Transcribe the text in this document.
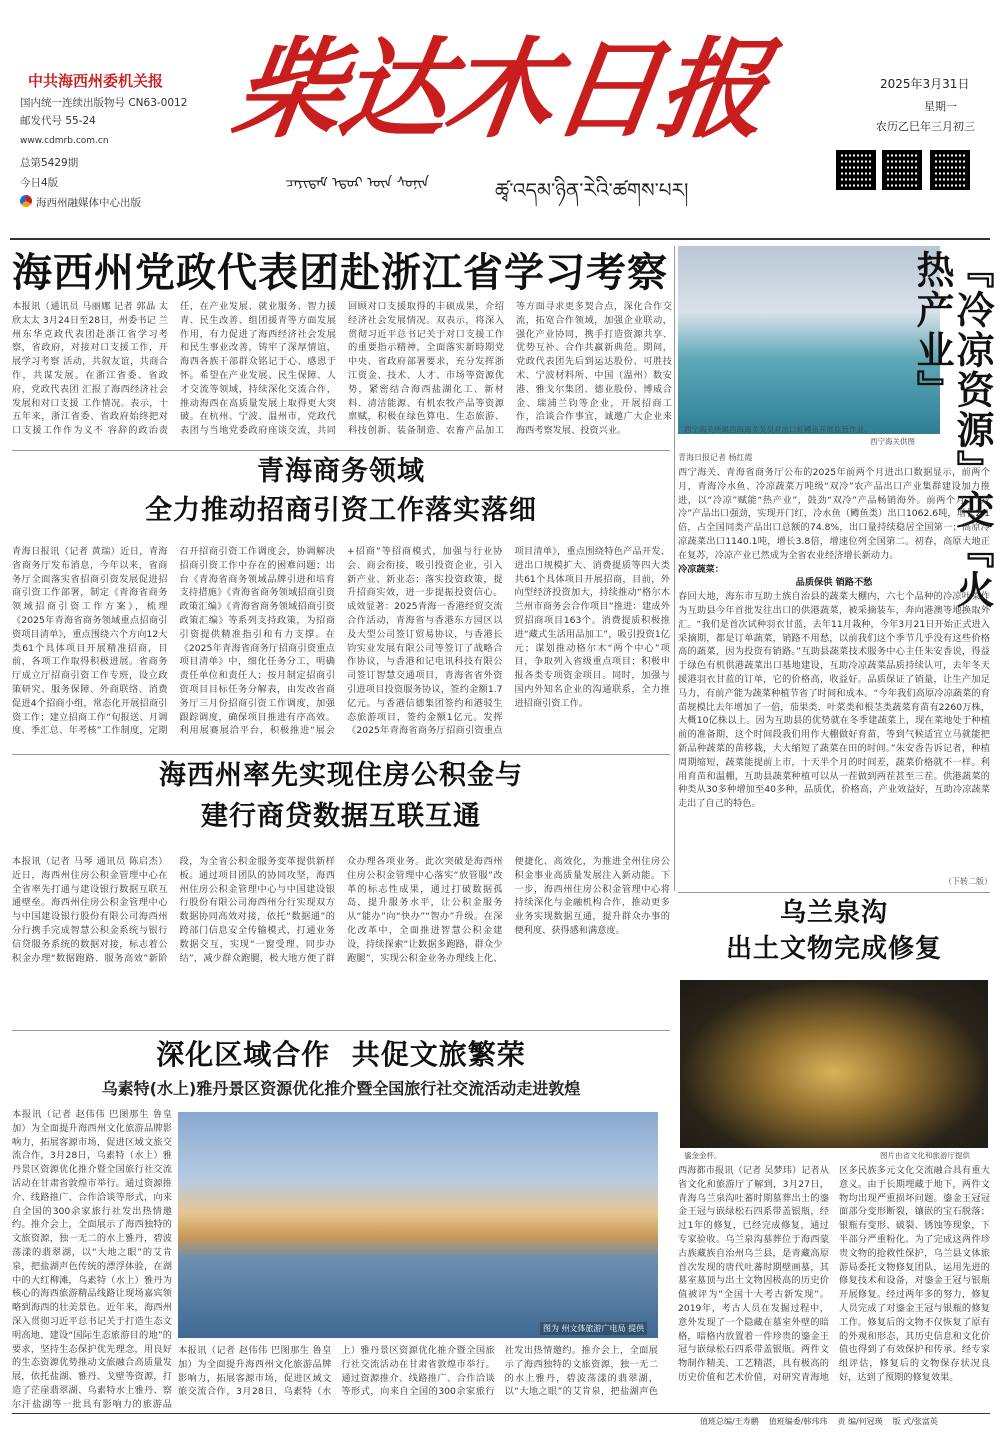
中共海西州委机关报
国内统一连续出版物号 CN63-0012
邮发代号 55-24
www.cdmrb.com.cn
总第5429期
今日4版
海西州融媒体中心出版
柴达木日报
ᠴᠠᠶᠢᠳᠠᠮ ᠡᠳᠦᠷ ᠦᠨ ᠰᠣᠨᠢᠨ	ཚྭ་འདམ་ཉིན་རེའི་ཚགས་པར།
2025年3月31日
星期一
农历乙巳年三月初三
海西州党政代表团赴浙江省学习考察
本报讯（通讯员 马丽娜 记者 郭晶 太 欣太太 3月24日至28日，州委书记 兰州东华克政代表团赴浙江省学习考察，省政府，对接对口支援工作，开展学习考察 活动，共叙友谊，共商合作，共谋发展。在浙江省委、省政府，党政代表团 汇报了海西经济社会发展和对口支援 工作情况。表示，十五年来，浙江省委、省政府始终把对口支援工作作为义不 容辞的政治责任，在产业发展、就业服务、智力援青、民生改善、组团援青等方面发展作用，有力促进了海西经济社会发展和民生事业改善，铸牢了深厚情谊，海西各族干部群众铭记于心、感恩于怀。希望在产业发展、民生保障、人才交流等领域，持续深化交流合作，推动海西在高质量发展上取得更大突破。在杭州、宁波、温州市，党政代表团与当地党委政府座谈交流，共同回顾对口支援取得的丰硕成果，介绍经济社会发展情况。双表示，将深入贯彻习近平总书记关于对口支援工作的重要指示精神，全面落实新時期党中央、省政府部署要求，充分发挥浙江资金、技术、人才、市场等资源优势，紧密结合海西盐湖化工、新材料、清洁能源、有机农牧产品等资源禀赋，积极在绿色算电、生态旅游、科技创新、装备制造、农畜产品加工等方面寻求更多契合点，深化合作交流，拓宽合作领域，加强企业联动，强化产业协同，携手打造资源共享、优势互补、合作共赢新典范。期间，党政代表团先后到运达股份、可胜技术、宁波材料所、中国（温州）数安港、雅戈尔集团、德业股份、博威合金、瑞浦兰钧等企业，开展招商工作，洽谈合作事宜，诚邀广大企业来海西考察发展、投资兴业。	西宁海关所属西海海关关员对出口虹鳟鱼开展监管作业。
西宁海关供图
青海日报记者 杨红霞	『冷凉资源』变『火热产业』
西宁海关、青海省商务厅公布的2025年前两个月进出口数据显示，前两个月，青海冷水鱼、冷凉蔬菜万吨级“双冷”农产品出口产业集群建设加力推进，以“冷凉”赋能“热产业”，鼓劲“双冷”产品畅销海外。前两个月，“双冷”产品出口强劲，实现开门红，冷水鱼（鳟鱼类）出口1062.6吨，增长2.1倍，占全国同类产品出口总额的74.8%，出口量持续稳居全国第一；高原冷凉蔬菜出口1140.1吨，增长3.8倍，增速位列全国第二。初春，高原大地正在复苏，冷凉产业已然成为全省农业经济增长新动力。
冷凉蔬菜：
品质保供 销路不愁
春回大地，海东市互助土族自治县的蔬菜大棚内，六七个品种的冷凉叶菜作为互助县今年首批发往出口的供港蔬菜，被采摘装车，奔向港澳等地换取外汇。“我们是首次试种羽衣甘蓝，去年11月栽种，今年3月21日开始正式进入采摘期，都是订单蔬菜，销路不用愁，以前我们这个季节几乎没有这些价格高的蔬菜，因为投资有销路。”互助县蔬菜技术服务中心主任朱安香说，得益于绿色有机供港蔬菜出口基地建设，互助冷凉蔬菜品质持续认可，去年冬天援港羽衣甘蓝的订单，它的价格高，收益好。品质保证了销量，让生产加足马力，有前产能为蔬菜种植节省了时间和成本。“今年我们高原冷凉蔬菜的育苗规模比去年增加了一倍，茄果类、叶菜类和根茎类蔬菜育苗有2260万株，大概10亿株以上。因为互助县的优势就在冬季建蔬菜上，现在菜地处于种植前的准备期，这个时间段我们用作大棚做好育苗，等到气候适宜立马就能把新品种蔬菜的苗移栽，大大缩短了蔬菜在田的时间。”朱安香告诉记者，种植周期缩短，蔬菜能提前上市，十天半个月的时间差，蔬菜价格就不一样。利用育苗和温棚，互助县蔬菜种植可以从一茬做到两茬甚至三茬。供港蔬菜的种类从30多种增加至40多种，品质优，价格高，产业效益好，互助冷凉蔬菜走出了自己的特色。
（下转二版）
青海商务领域
全力推动招商引资工作落实落细
青海日报讯（记者 黄瑞）近日，青海省商务厅发布消息，今年以来，省商务厅全面落实省招商引资发展促进招商引资工作部署，制定《青海省商务领域招商引资工作方案》，梳理《2025年青海省商务领域重点招商引资项目清单》，重点围绕六个方向12大类61个具体项目开展精准招商，目前，各项工作取得积极进展。省商务厅成立厅招商引资工作专班，设立政策研究、服务保障、外商联络、消费促进4个招商小组，常态化开展招商引资工作；建立招商工作“旬报送、月调度、季汇总、年考核”工作制度，定期召开招商引资工作调度会，协调解决招商引资工作中存在的困难问题；出台《青海省商务领域品牌引进和培育支持措施》《青海省商务领域招商引资政策汇编》《青海省商务领域招商引资政策汇编》等系列支持政策，为招商引资提供精准指引和有力支撑。在《2025年青海省商务厅招商引资重点项目清单》中，细化任务分工，明确责任单位和责任人；按月制定招商引资项目目标任务分解表，由发改省商务厅三月份招商引资工作调度，加强跟踪调度，确保项目推进有序高效。利用展赛展洽平台，积极推进“展会+招商”等招商模式，加强与行业协会、商会衔接，吸引投资企业，引入新产业、新业态；落实投资政策，提升招商实效，进一步提振投资信心。成效显著：2025青海一香港经贸交流合作活动，青海省与香港东方园区以及大型公司签订贸易协议，与香港长钧实业发展有限公司等签订了战略合作协议，与香港和记电讯科技有限公司签订智慧交通项目，青海省省外资引进项目投资服务协议，签约金额1.7亿元。与香港信德集团签约和港驳生态旅游项目，签约金额1亿元。发挥《2025年青海省商务厅招商引资重点项目清单》，重点围绕特色产品开发、进出口规模扩大、消费提质等四大类共61个具体项目开展招商，目前，外向型经济投资加大，持续推动“格尔木兰州市商务会合作项目”推进：建成外贸招商项目163个。消费提质积极推进“藏式生活用品加工”，吸引投资1亿元；谋划推动格尔木“两个中心”项目，争取列入省级重点项目；积极申报各类专项资金项目。同时，加强与国内外知名企业的沟通联系，全力推进招商引资工作。
海西州率先实现住房公积金与
建行商贷数据互联互通
本报讯（记者 马琴 通讯员 陈启杰）近日，海西州住房公积金管理中心在全省率先打通与建设银行数据互联互通壁垒。海西州住房公积金管理中心与中国建设银行股份有限公司海西州分行携手完成智慧公积金系统与银行信贷服务系统的数据对接，标志着公积金办理“数据跑路、服务高效”新阶段，为全省公积金服务变革提供新样板。通过项目团队的协同攻坚，海西州住房公积金管理中心与中国建设银行股份有限公司海西州分行实现双方数据协同高效对接，依托“数据通”的跨部门信息安全传输模式，打通业务数据交互，实现“一窗受理、同步办结”，减少群众跑腿，极大地方便了群众办理各项业务。此次突破是海西州住房公积金管理中心落实“放管服”改革的标志性成果，通过打破数据孤岛，提升服务水平，让公积金服务从“能办”向“快办”“智办”升级。在深化改革中，全面推进智慧公积金建设，持续探索“让数据多跑路，群众少跑腿”，实现公积金业务办理线上化、便捷化、高效化，为推进全州住房公积金事业高质量发展注入新动能。下一步，海西州住房公积金管理中心将持续深化与金融机构合作，推动更多业务实现数据互通，提升群众办事的便利度、获得感和满意度。
深化区域合作  共促文旅繁荣
乌素特(水上)雅丹景区资源优化推介暨全国旅行社交流活动走进敦煌
本报讯（记者 赵伟伟 巴图那生 鲁皇 加）为全面提升海西州文化旅游品牌影响力，拓展客源市场，促进区域文旅交流合作，3月28日，乌素特（水上）雅丹景区资源优化推介暨全国旅行社交流活动在甘肃省敦煌市举行。通过资源推介、线路推广、合作洽谈等形式，向来自全国的300余家旅行社发出热情邀约。推介会上，全面展示了海西独特的文旅资源，独一无二的水上雅丹，碧波荡漾的翡翠湖，以“大地之眼”的艾肯泉，把盐湖声色传统的漂浮体验，在湖中的大红柳滩，乌素特（水上）雅丹为核心的海西旅游精品线路让现场嘉宾领略到海西的壮美景色。近年来，海西州深入贯彻习近平总书记关于打造生态文明高地、建设“国际生态旅游目的地”的要求，坚持生态保护优先理念，用良好的生态资源优势推动文旅融合高质量发展，依托盐湖、雅丹、戈壁等资源，打造了茫崖翡翠湖、乌素特水上雅丹、察尔汗盐湖等一批具有影响力的旅游品
图为 州文体旅游广电局 提供
本报讯（记者 赵伟伟 巴图那生 鲁皇 加）为全面提升海西州文化旅游品牌影响力，拓展客源市场，促进区域文旅交流合作，3月28日，乌素特（水上）雅丹景区资源优化推介暨全国旅行社交流活动在甘肃省敦煌市举行。通过资源推介、线路推广、合作洽谈等形式，向来自全国的300余家旅行社发出热情邀约。推介会上，全面展示了海西独特的文旅资源，独一无二的水上雅丹，碧波荡漾的翡翠湖，以“大地之眼”的艾肯泉，把盐湖声色
乌兰泉沟
出土文物完成修复
鎏金金杯。	图片由省文化和旅游厅提供
西海都市报讯（记者 吴梦玮）记者从省文化和旅游厅了解到，3月27日，青海乌兰泉沟吐蕃时期墓葬出土的鎏金王冠与嵌绿松石四系带盖银瓶，经过1年的修复，已经完成修复，通过专家验收。乌兰泉沟墓葬位于海西蒙古族藏族自治州乌兰县，是青藏高原首次发现的唐代吐蕃时期壁画墓，其墓室墓顶与出土文物因极高的历史价值被评为“全国十大考古新发现”。2019年，考古人员在发掘过程中，意外发现了一个隐藏在墓室外壁的暗格，暗格内放置着一件珍贵的鎏金王冠与嵌绿松石四系带盖银瓶。两件文物制作精美、工艺精湛，具有极高的历史价值和艺术价值，对研究青海地区多民族多元文化交流融合具有重大意义。由于长期埋藏于地下，两件文物均出现严重损坏问题。鎏金王冠冠面部分变形断裂，镶嵌的宝石脱落；银瓶有变形、破裂、锈蚀等现象，下半部分严重粉化。为了完成这两件珍贵文物的抢救性保护，乌兰县文体旅游局委托文物修复团队，运用先进的修复技术和设备，对鎏金王冠与银瓶开展修复。经过两年多的努力，修复人员完成了对鎏金王冠与银瓶的修复工作。修复后的文物不仅恢复了原有的外观和形态，其历史信息和文化价值也得到了有效保护和传承。经专家组评估，修复后的文物保存状况良好，达到了预期的修复效果。
值班总编/王寿鹏 值班编委/韩玮玮 责 编/何冠瑛 版 式/张富英
